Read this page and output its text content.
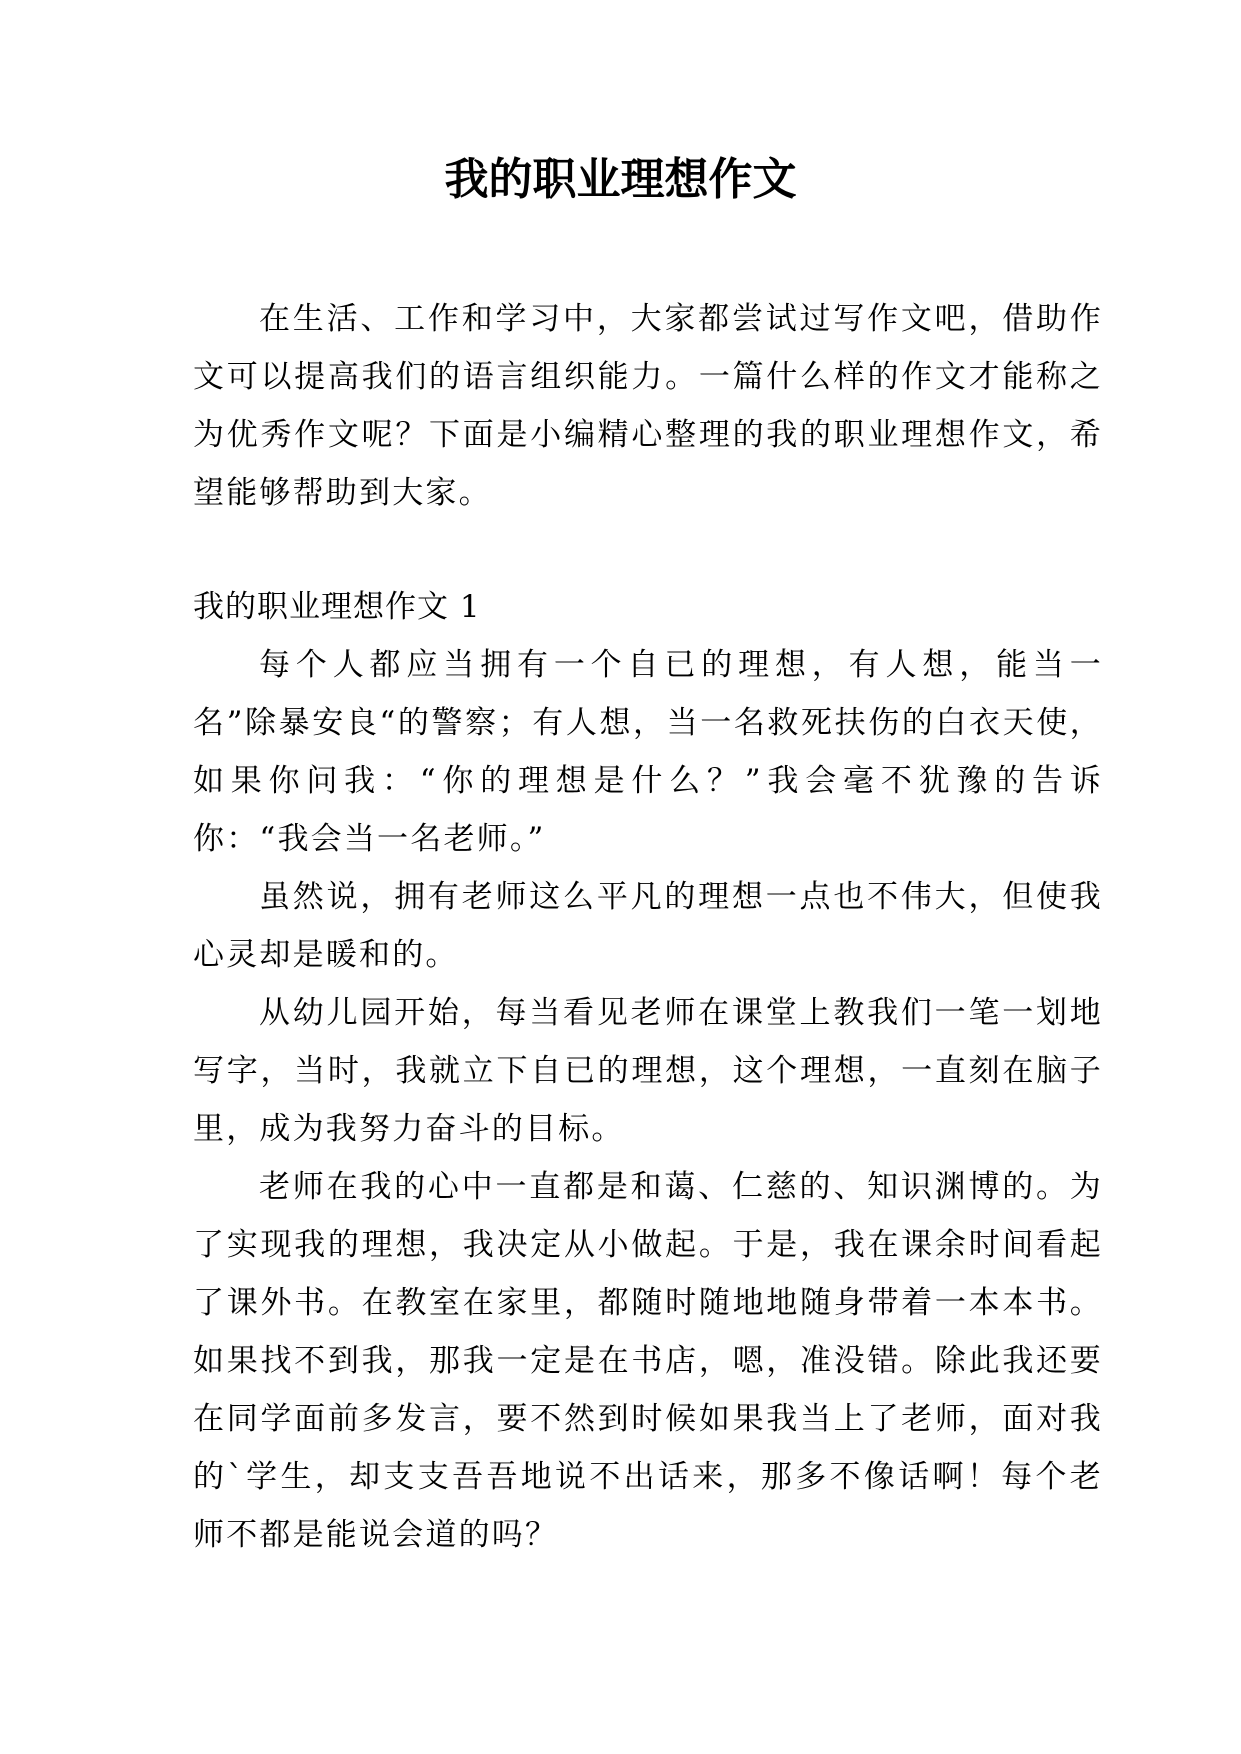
我的职业理想作文

在生活、工作和学习中，大家都尝试过写作文吧，借助作文可以提高我们的语言组织能力。一篇什么样的作文才能称之为优秀作文呢？下面是小编精心整理的我的职业理想作文，希望能够帮助到大家。

我的职业理想作文 1

每个人都应当拥有一个自已的理想，有人想，能当一名”除暴安良“的警察；有人想，当一名救死扶伤的白衣天使，如果你问我：“你的理想是什么？”我会毫不犹豫的告诉你：“我会当一名老师。”

虽然说，拥有老师这么平凡的理想一点也不伟大，但使我心灵却是暖和的。

从幼儿园开始，每当看见老师在课堂上教我们一笔一划地写字，当时，我就立下自已的理想，这个理想，一直刻在脑子里，成为我努力奋斗的目标。

老师在我的心中一直都是和蔼、仁慈的、知识渊博的。为了实现我的理想，我决定从小做起。于是，我在课余时间看起了课外书。在教室在家里，都随时随地地随身带着一本本书。如果找不到我，那我一定是在书店，嗯，准没错。除此我还要在同学面前多发言，要不然到时候如果我当上了老师，面对我的`学生，却支支吾吾地说不出话来，那多不像话啊！每个老师不都是能说会道的吗？
